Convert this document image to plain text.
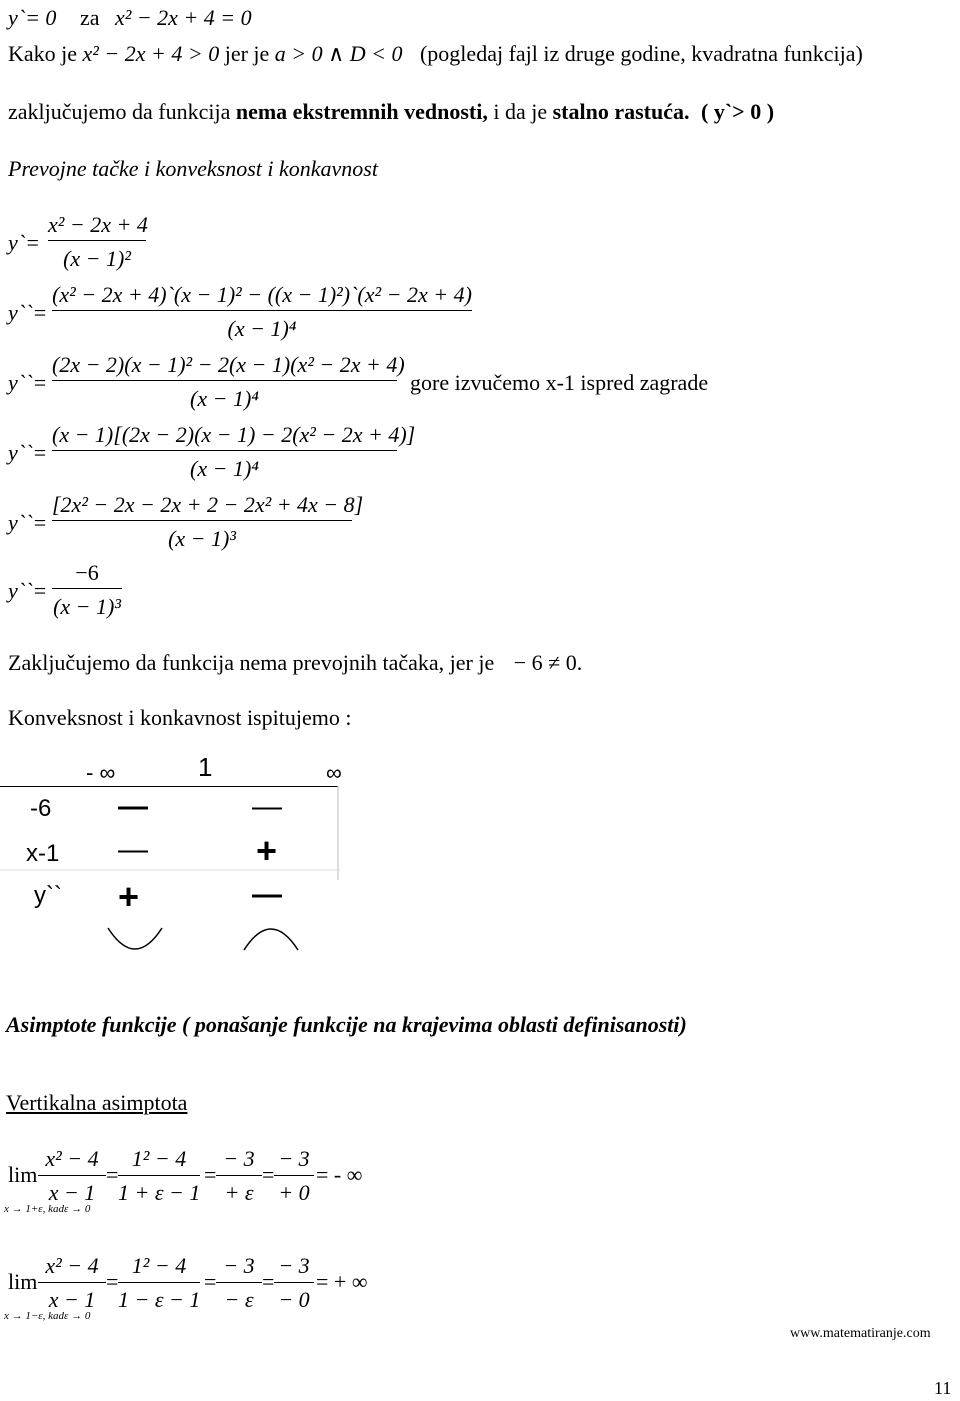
y`= 0 za x² − 2x + 4 = 0
Kako je x² − 2x + 4 > 0 jer je a > 0 ∧ D < 0 (pogledaj fajl iz druge godine, kvadratna funkcija)
zaključujemo da funkcija nema ekstremnih vednosti, i da je stalno rastuća. ( y`> 0 )
Prevojne tačke i konveksnost i konkavnost
y`=
x² − 2x + 4
(x − 1)²
y``=
(x² − 2x + 4)`(x − 1)² − ((x − 1)²)`(x² − 2x + 4)
(x − 1)⁴
y``=
(2x − 2)(x − 1)² − 2(x − 1)(x² − 2x + 4)
(x − 1)⁴
gore izvučemo x-1 ispred zagrade
y``=
(x − 1)[(2x − 2)(x − 1) − 2(x² − 2x + 4)]
(x − 1)⁴
y``=
[2x² − 2x − 2x + 2 − 2x² + 4x − 8]
(x − 1)³
y``=
−6
(x − 1)³
Zaključujemo da funkcija nema prevojnih tačaka, jer je − 6 ≠ 0.
Konveksnost i konkavnost ispitujemo :
- ∞	1	∞
-6 —	—
x-1 —	+
y`` +	—
Asimptote funkcije ( ponašanje funkcije na krajevima oblasti definisanosti)
Vertikalna asimptota
lim
x → 1+ε, kadε → 0
x² − 4
x − 1
=
1² − 4
1 + ε − 1
=
− 3
+ ε
=
− 3
+ 0
= - ∞
lim
x → 1−ε, kadε → 0
x² − 4
x − 1
=
1² − 4
1 − ε − 1
=
− 3
− ε
=
− 3
− 0
= + ∞
www.matematiranje.com
11
